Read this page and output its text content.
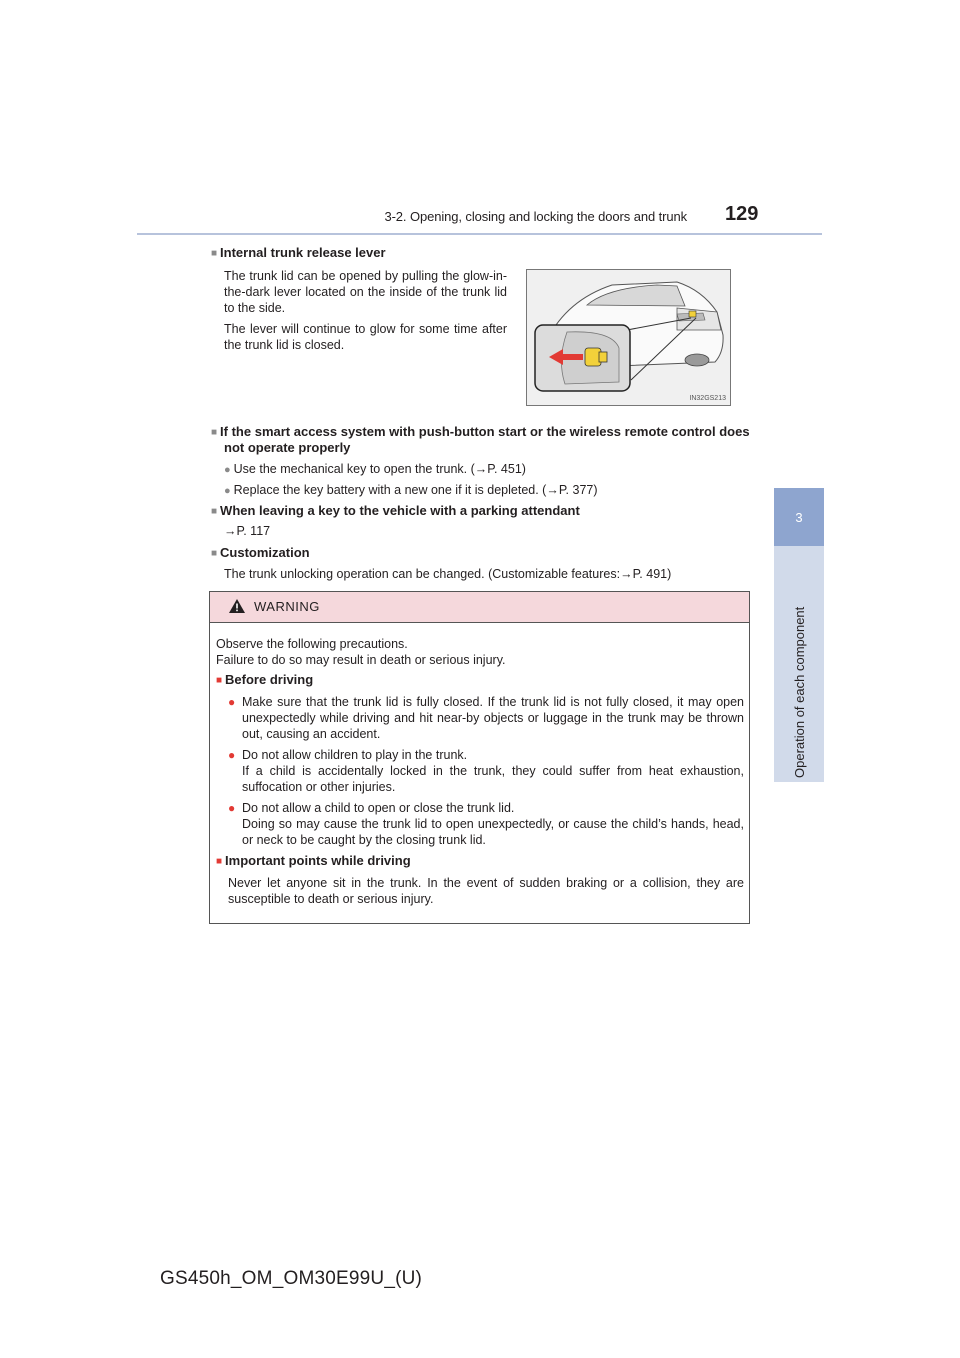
3-2. Opening, closing and locking the doors and trunk 129
3
Operation of each component
■ Internal trunk release lever
The trunk lid can be opened by pulling the glow-in-the-dark lever located on the inside of the trunk lid to the side.
The lever will continue to glow for some time after the trunk lid is closed.
IN32GS213
■ If the smart access system with push-button start or the wireless remote control does
not operate properly
● Use the mechanical key to open the trunk. (→P. 451)
● Replace the key battery with a new one if it is depleted. (→P. 377)
■ When leaving a key to the vehicle with a parking attendant
→P. 117
■ Customization
The trunk unlocking operation can be changed. (Customizable features:→P. 491)
WARNING
Observe the following precautions.
Failure to do so may result in death or serious injury.
■ Before driving
● Make sure that the trunk lid is fully closed. If the trunk lid is not fully closed, it may open unexpectedly while driving and hit near-by objects or luggage in the trunk may be thrown out, causing an accident.
● Do not allow children to play in the trunk.
If a child is accidentally locked in the trunk, they could suffer from heat exhaustion, suffocation or other injuries.
● Do not allow a child to open or close the trunk lid.
Doing so may cause the trunk lid to open unexpectedly, or cause the child’s hands, head, or neck to be caught by the closing trunk lid.
■ Important points while driving
Never let anyone sit in the trunk. In the event of sudden braking or a collision, they are susceptible to death or serious injury.
GS450h_OM_OM30E99U_(U)
